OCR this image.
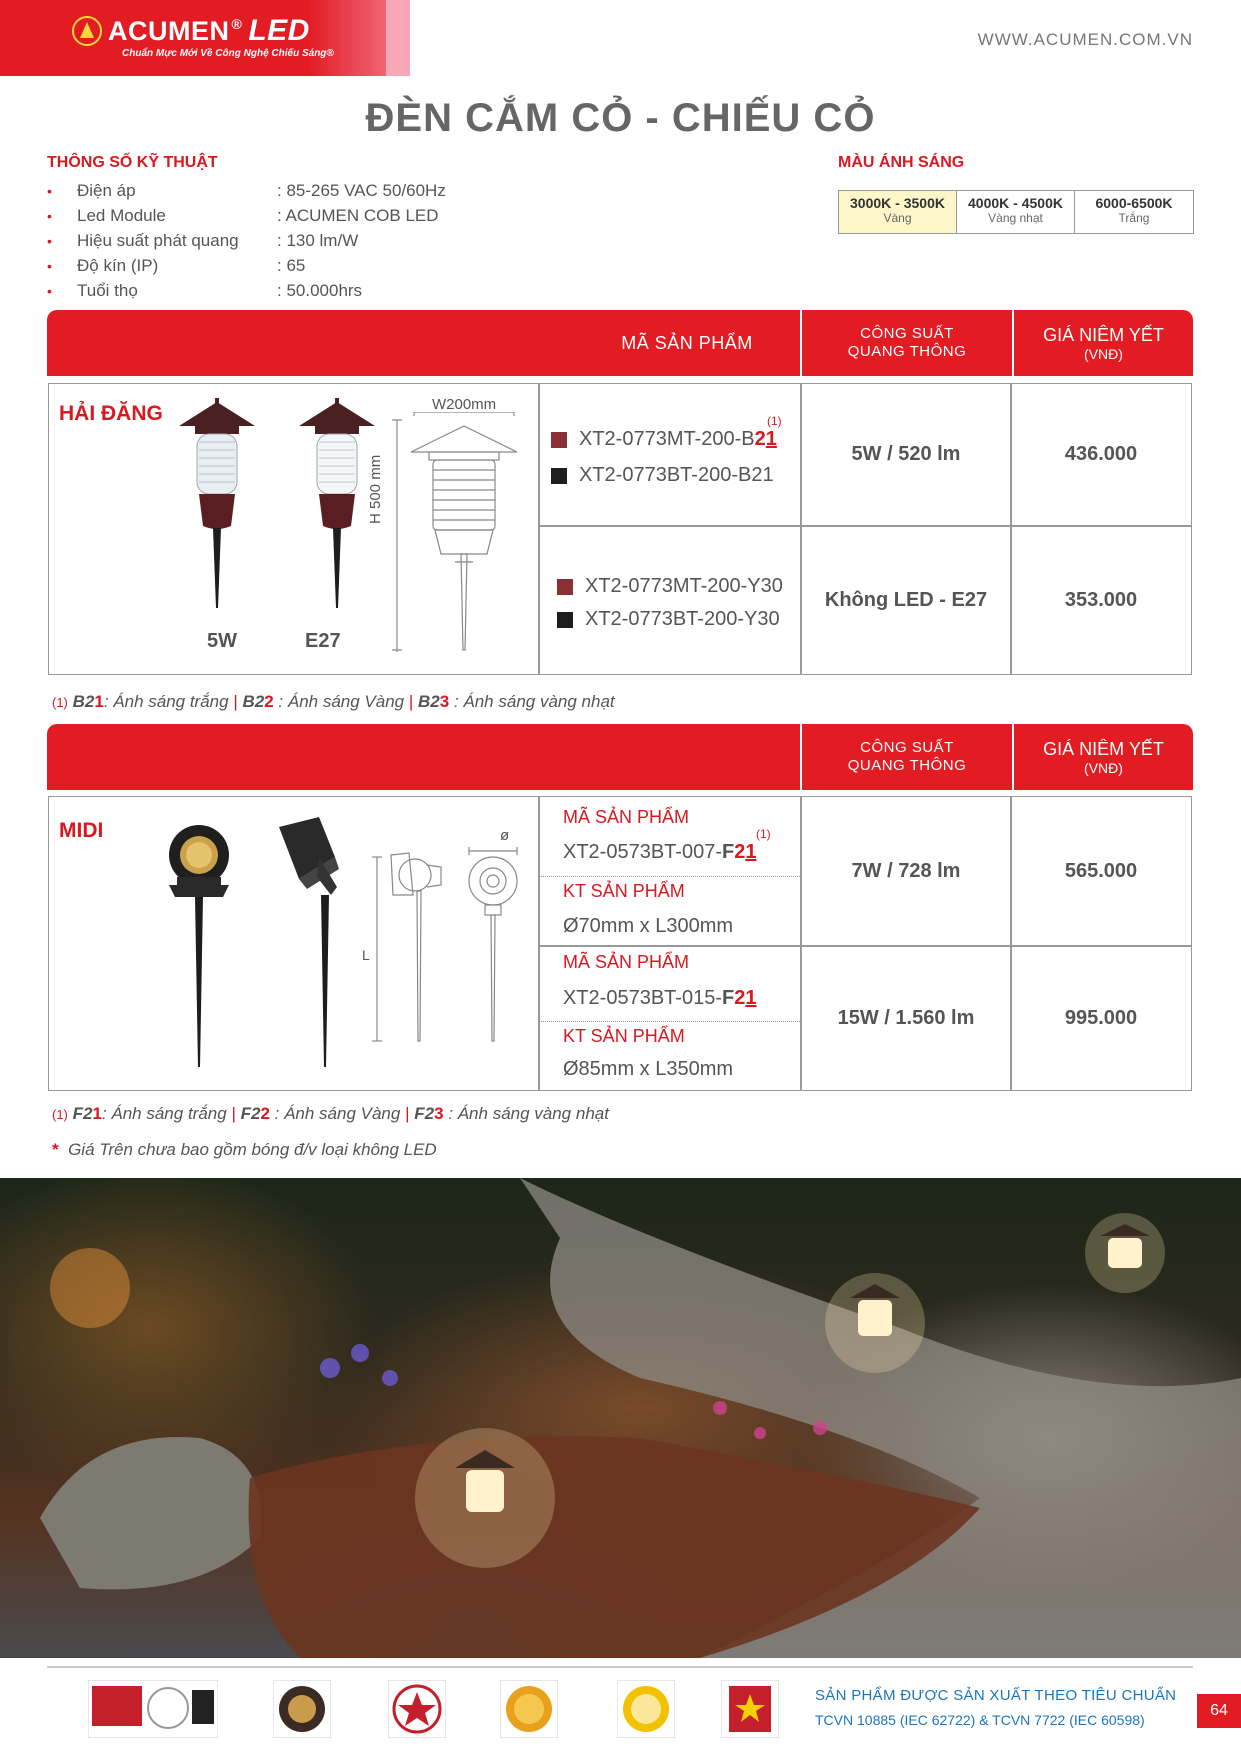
ACUMEN ® LED
Chuẩn Mực Mới Về Công Nghệ Chiếu Sáng®
WWW.ACUMEN.COM.VN
ĐÈN CẮM CỎ - CHIẾU CỎ
THÔNG SỐ KỸ THUẬT
•	Điện áp	: 85-265 VAC 50/60Hz
•	Led Module	: ACUMEN COB LED
•	Hiệu suất phát quang	: 130 lm/W
•	Độ kín (IP)	: 65
•	Tuổi thọ	: 50.000hrs
MÀU ÁNH SÁNG
3000K - 3500K
Vàng
4000K - 4500K
Vàng nhạt
6000-6500K
Trắng
MÃ SẢN PHẨM	CÔNG SUẤT
QUANG THÔNG
GIÁ NIÊM YẾT
(VNĐ)
HẢI ĐĂNG
5W	E27
W200mm
H 500 mm
XT2-0773MT-200- B 2 1
(1)
XT2-0773BT-200-B21
5W / 520 lm	436.000
XT2-0773MT-200-Y30
XT2-0773BT-200-Y30
Không LED - E27	353.000
(1) B21: Ánh sáng trắng | B22 : Ánh sáng Vàng | B23 : Ánh sáng vàng nhạt
CÔNG SUẤT
QUANG THÔNG
GIÁ NIÊM YẾT
(VNĐ)
MIDI	ø
L
MÃ SẢN PHẨM
XT2-0573BT-007- F 2 1
(1)
KT SẢN PHẨM
Ø70mm x L300mm
7W / 728 lm	565.000
MÃ SẢN PHẨM
XT2-0573BT-015- F 2 1
KT SẢN PHẨM
Ø85mm x L350mm
15W / 1.560 lm	995.000
(1) F21: Ánh sáng trắng | F22 : Ánh sáng Vàng | F23 : Ánh sáng vàng nhạt
* Giá Trên chưa bao gồm bóng đ/v loại không LED
SẢN PHẨM ĐƯỢC SẢN XUẤT THEO TIÊU CHUẨN
TCVN 10885 (IEC 62722) & TCVN 7722 (IEC 60598)
64
